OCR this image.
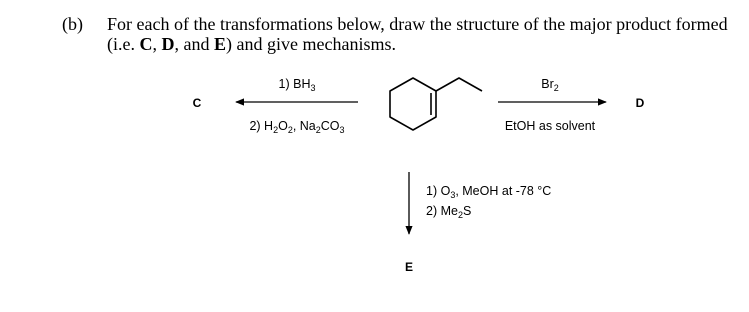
(b) For each of the transformations below, draw the structure of the major product formed
(i.e. C, D, and E) and give mechanisms.
1) $BH_3$
2) $H_2O_2$, $Na_2CO_3$
C
$Br_2$
EtOH as solvent
D
1) $O_3$, MeOH at -78 °C
2) $Me_2S$
E
